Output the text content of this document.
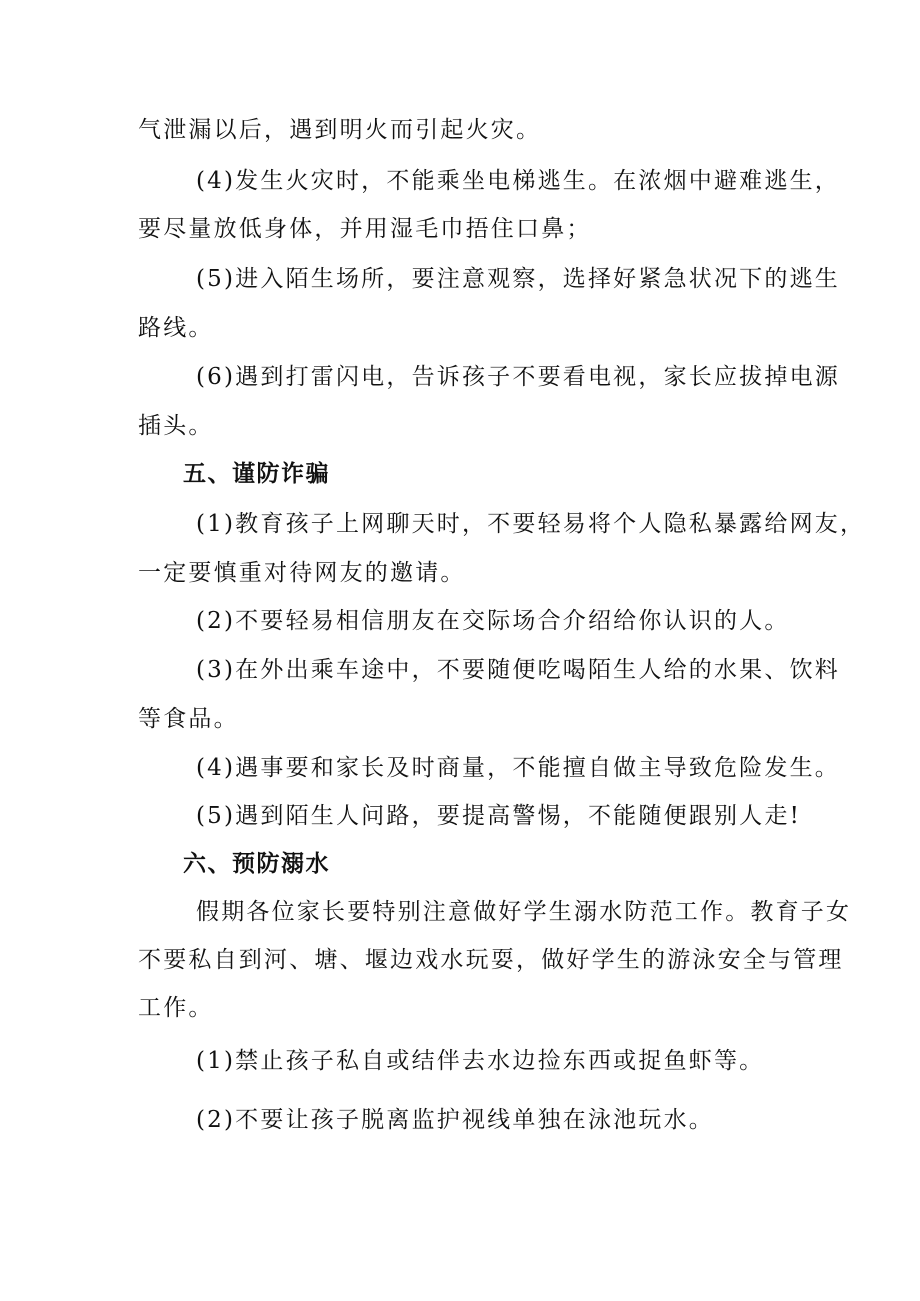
气泄漏以后，遇到明火而引起火灾。
(4)发生火灾时，不能乘坐电梯逃生。在浓烟中避难逃生，
要尽量放低身体，并用湿毛巾捂住口鼻；
(5)进入陌生场所，要注意观察，选择好紧急状况下的逃生
路线。
(6)遇到打雷闪电，告诉孩子不要看电视，家长应拔掉电源
插头。
五、谨防诈骗
(1)教育孩子上网聊天时，不要轻易将个人隐私暴露给网友，
一定要慎重对待网友的邀请。
(2)不要轻易相信朋友在交际场合介绍给你认识的人。
(3)在外出乘车途中，不要随便吃喝陌生人给的水果、饮料
等食品。
(4)遇事要和家长及时商量，不能擅自做主导致危险发生。
(5)遇到陌生人问路，要提高警惕，不能随便跟别人走!
六、预防溺水
假期各位家长要特别注意做好学生溺水防范工作。教育子女
不要私自到河、塘、堰边戏水玩耍，做好学生的游泳安全与管理
工作。
(1)禁止孩子私自或结伴去水边捡东西或捉鱼虾等。
(2)不要让孩子脱离监护视线单独在泳池玩水。
